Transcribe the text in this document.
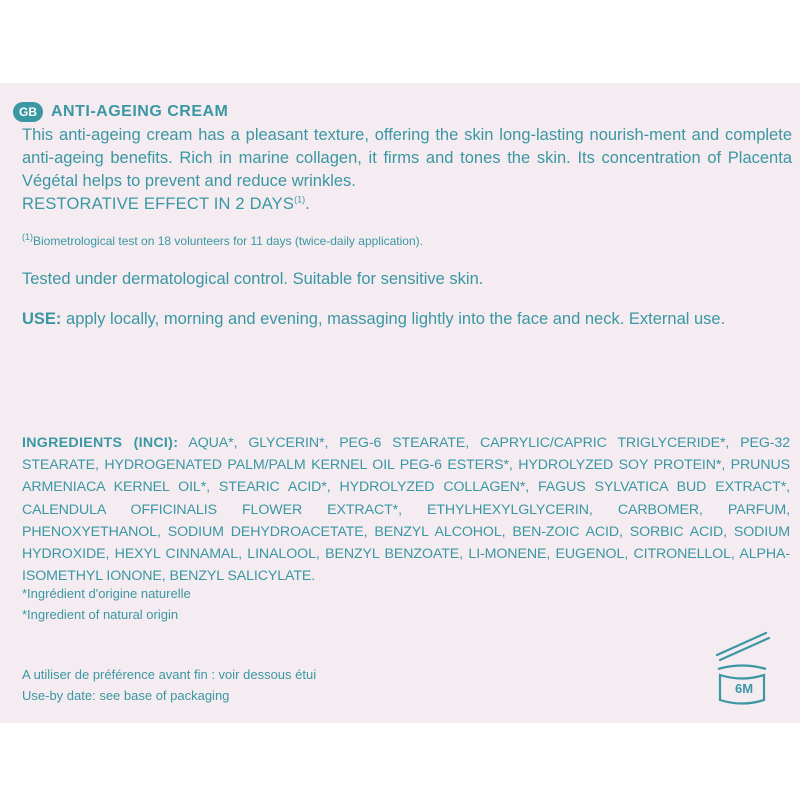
GB ANTI-AGEING CREAM
This anti-ageing cream has a pleasant texture, offering the skin long-lasting nourish-ment and complete anti-ageing benefits. Rich in marine collagen, it firms and tones the skin. Its concentration of Placenta Végétal helps to prevent and reduce wrinkles.
RESTORATIVE EFFECT IN 2 DAYS$^{(1)}$.
$^{(1)}$Biometrological test on 18 volunteers for 11 days (twice-daily application).
Tested under dermatological control. Suitable for sensitive skin.
USE: apply locally, morning and evening, massaging lightly into the face and neck. External use.
INGREDIENTS (INCI): AQUA*, GLYCERIN*, PEG-6 STEARATE, CAPRYLIC/CAPRIC TRIGLYCERIDE*, PEG-32 STEARATE, HYDROGENATED PALM/PALM KERNEL OIL PEG-6 ESTERS*, HYDROLYZED SOY PROTEIN*, PRUNUS ARMENIACA KERNEL OIL*, STEARIC ACID*, HYDROLYZED COLLAGEN*, FAGUS SYLVATICA BUD EXTRACT*, CALENDULA OFFICINALIS FLOWER EXTRACT*, ETHYLHEXYLGLYCERIN, CARBOMER, PARFUM, PHENOXYETHANOL, SODIUM DEHYDROACETATE, BENZYL ALCOHOL, BEN-ZOIC ACID, SORBIC ACID, SODIUM HYDROXIDE, HEXYL CINNAMAL, LINALOOL, BENZYL BENZOATE, LI-MONENE, EUGENOL, CITRONELLOL, ALPHA-ISOMETHYL IONONE, BENZYL SALICYLATE.
*Ingrédient d'origine naturelle
*Ingredient of natural origin
A utiliser de préférence avant fin : voir dessous étui
Use-by date: see base of packaging	6M
